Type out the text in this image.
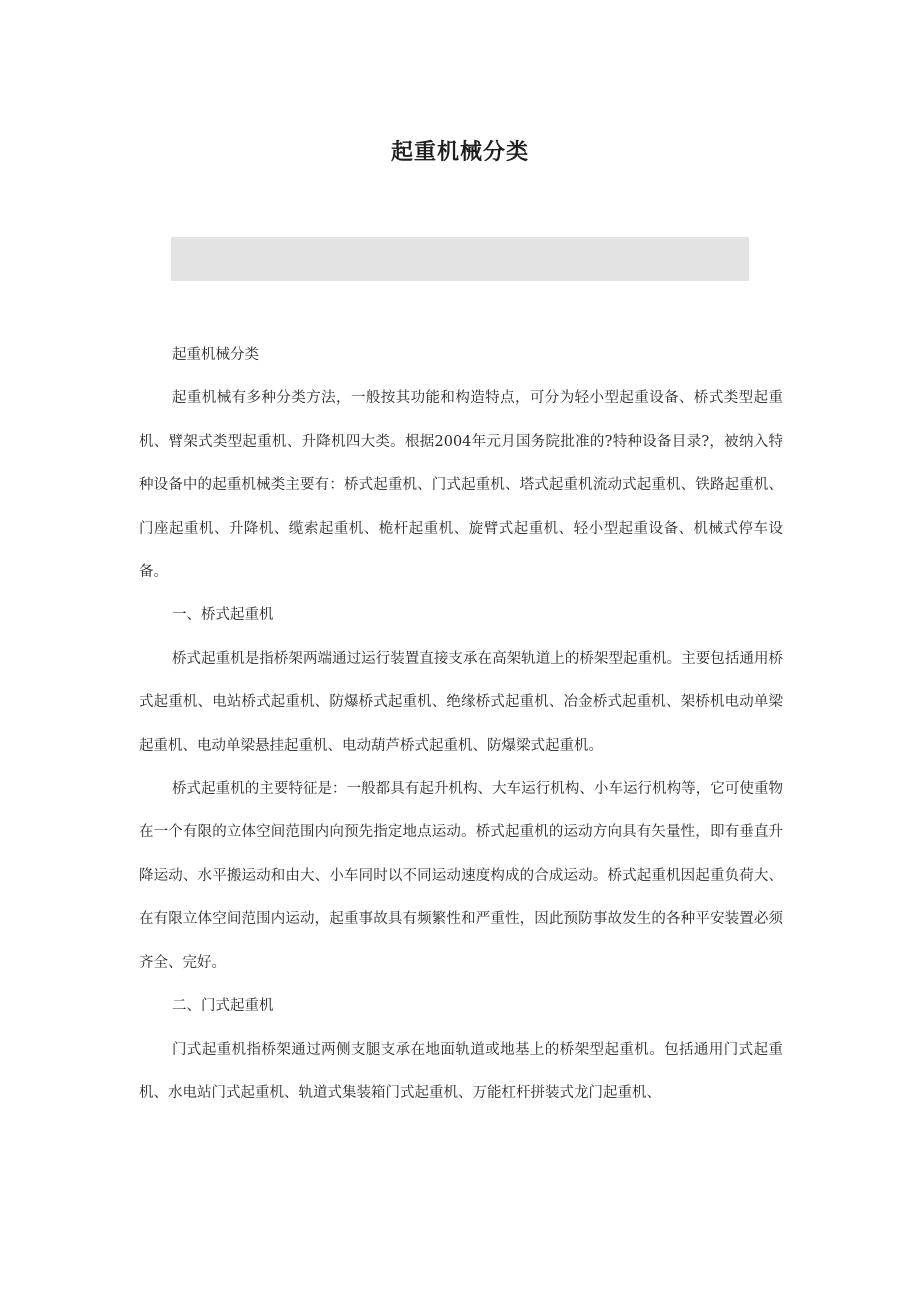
起重机械分类

起重机械分类

起重机械有多种分类方法，一般按其功能和构造特点，可分为轻小型起重设备、桥式类型起重机、臂架式类型起重机、升降机四大类。根据2004年元月国务院批准的?特种设备目录?，被纳入特种设备中的起重机械类主要有：桥式起重机、门式起重机、塔式起重机流动式起重机、铁路起重机、门座起重机、升降机、缆索起重机、桅杆起重机、旋臂式起重机、轻小型起重设备、机械式停车设备。

一、桥式起重机

桥式起重机是指桥架两端通过运行装置直接支承在高架轨道上的桥架型起重机。主要包括通用桥式起重机、电站桥式起重机、防爆桥式起重机、绝缘桥式起重机、冶金桥式起重机、架桥机电动单梁起重机、电动单梁悬挂起重机、电动葫芦桥式起重机、防爆梁式起重机。

桥式起重机的主要特征是：一般都具有起升机构、大车运行机构、小车运行机构等，它可使重物在一个有限的立体空间范围内向预先指定地点运动。桥式起重机的运动方向具有矢量性，即有垂直升降运动、水平搬运动和由大、小车同时以不同运动速度构成的合成运动。桥式起重机因起重负荷大、在有限立体空间范围内运动，起重事故具有频繁性和严重性，因此预防事故发生的各种平安装置必须齐全、完好。

二、门式起重机

门式起重机指桥架通过两侧支腿支承在地面轨道或地基上的桥架型起重机。包括通用门式起重机、水电站门式起重机、轨道式集装箱门式起重机、万能杠杆拼装式龙门起重机、
